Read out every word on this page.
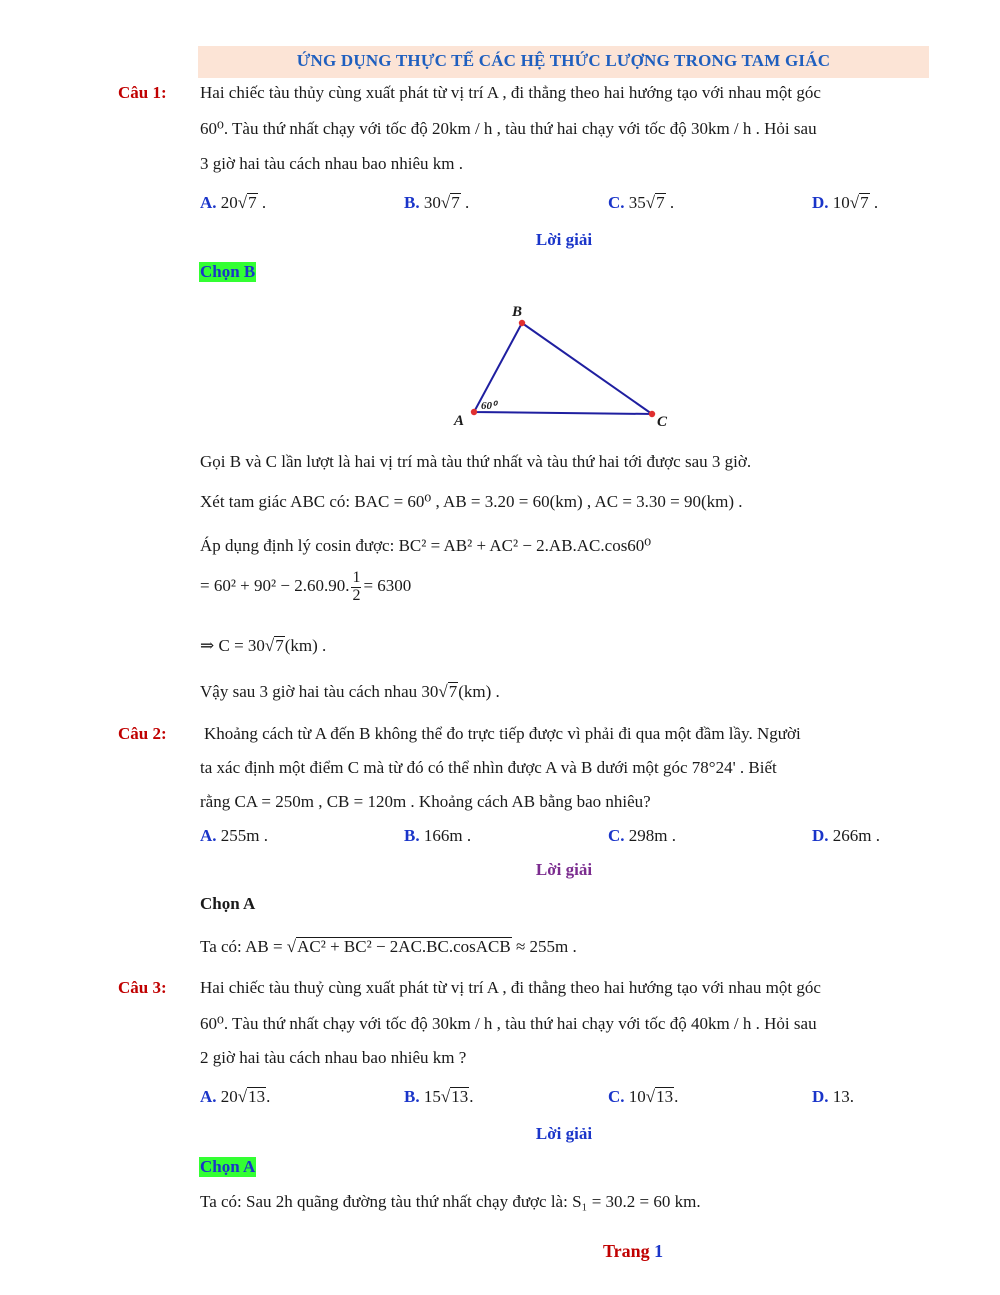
ỨNG DỤNG THỰC TẾ CÁC HỆ THỨC LƯỢNG TRONG TAM GIÁC
Câu 1: Hai chiếc tàu thủy cùng xuất phát từ vị trí A , đi thẳng theo hai hướng tạo với nhau một góc
60⁰. Tàu thứ nhất chạy với tốc độ 20km / h , tàu thứ hai chạy với tốc độ 30km / h . Hỏi sau
3 giờ hai tàu cách nhau bao nhiêu km .
A. 20√7 .	B. 30√7 .	C. 35√7 .	D. 10√7 .
Lời giải
Chọn B
A
B
C
60⁰
Gọi B và C lần lượt là hai vị trí mà tàu thứ nhất và tàu thứ hai tới được sau 3 giờ.
Xét tam giác ABC có: BAC = 60⁰ , AB = 3.20 = 60(km) , AC = 3.30 = 90(km) .
Áp dụng định lý cosin được: BC² = AB² + AC² − 2.AB.AC.cos60⁰
= 60² + 90² − 2.60.90. $\frac{1}{2} = 6300$
⇒ C = 30√7(km) .
Vậy sau 3 giờ hai tàu cách nhau 30√7(km) .
Câu 2: Khoảng cách từ A đến B không thể đo trực tiếp được vì phải đi qua một đầm lầy. Người
ta xác định một điểm C mà từ đó có thể nhìn được A và B dưới một góc 78°24' . Biết
rằng CA = 250m , CB = 120m . Khoảng cách AB bằng bao nhiêu?
A. 255m .	B. 166m .	C. 298m .	D. 266m .
Lời giải
Chọn A
Ta có: AB = √AC² + BC² − 2AC.BC.cosACB ≈ 255m .
Câu 3: Hai chiếc tàu thuỷ cùng xuất phát từ vị trí A , đi thẳng theo hai hướng tạo với nhau một góc
60⁰. Tàu thứ nhất chạy với tốc độ 30km / h , tàu thứ hai chạy với tốc độ 40km / h . Hỏi sau
2 giờ hai tàu cách nhau bao nhiêu km ?
A. 20√13.	B. 15√13.	C. 10√13.	D. 13.
Lời giải
Chọn A
Ta có: Sau 2h quãng đường tàu thứ nhất chạy được là: S₁ = 30.2 = 60 km.
Trang 1
